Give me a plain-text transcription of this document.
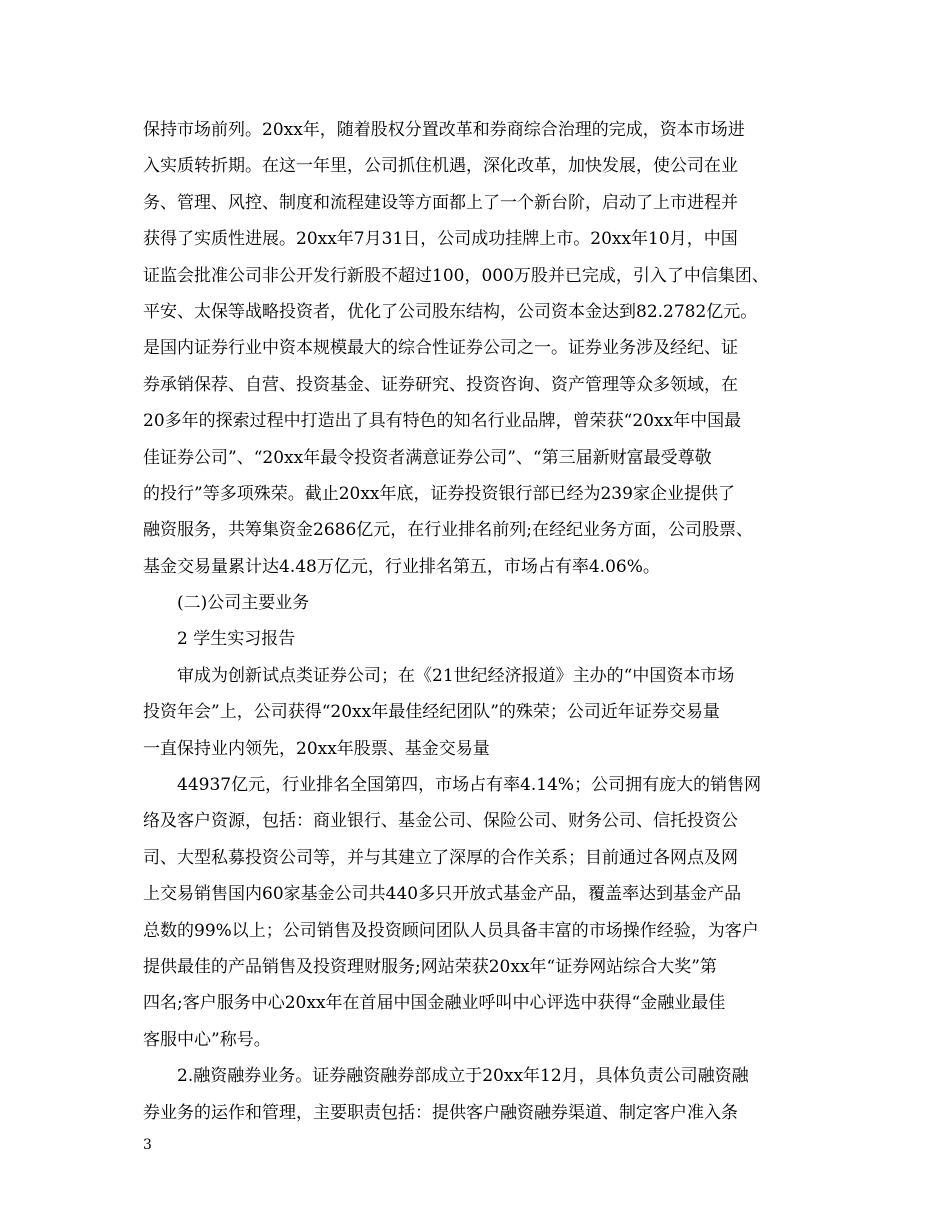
保持市场前列。20xx年，随着股权分置改革和券商综合治理的完成，资本市场进
入实质转折期。在这一年里，公司抓住机遇，深化改革，加快发展，使公司在业
务、管理、风控、制度和流程建设等方面都上了一个新台阶，启动了上市进程并
获得了实质性进展。20xx年7月31日，公司成功挂牌上市。20xx年10月，中国
证监会批准公司非公开发行新股不超过100，000万股并已完成，引入了中信集团、
平安、太保等战略投资者，优化了公司股东结构，公司资本金达到82.2782亿元。
是国内证券行业中资本规模最大的综合性证券公司之一。证券业务涉及经纪、证
券承销保荐、自营、投资基金、证券研究、投资咨询、资产管理等众多领域，在
20多年的探索过程中打造出了具有特色的知名行业品牌，曾荣获“20xx年中国最
佳证券公司”、“20xx年最令投资者满意证券公司”、“第三届新财富最受尊敬
的投行”等多项殊荣。截止20xx年底，证券投资银行部已经为239家企业提供了
融资服务，共筹集资金2686亿元，在行业排名前列;在经纪业务方面，公司股票、
基金交易量累计达4.48万亿元，行业排名第五，市场占有率4.06%。
(二)公司主要业务
2 学生实习报告
审成为创新试点类证券公司；在《21世纪经济报道》主办的“中国资本市场
投资年会”上，公司获得“20xx年最佳经纪团队”的殊荣；公司近年证券交易量
一直保持业内领先，20xx年股票、基金交易量
44937亿元，行业排名全国第四，市场占有率4.14%；公司拥有庞大的销售网
络及客户资源，包括：商业银行、基金公司、保险公司、财务公司、信托投资公
司、大型私募投资公司等，并与其建立了深厚的合作关系；目前通过各网点及网
上交易销售国内60家基金公司共440多只开放式基金产品，覆盖率达到基金产品
总数的99%以上；公司销售及投资顾问团队人员具备丰富的市场操作经验，为客户
提供最佳的产品销售及投资理财服务;网站荣获20xx年“证券网站综合大奖”第
四名;客户服务中心20xx年在首届中国金融业呼叫中心评选中获得“金融业最佳
客服中心”称号。
2.融资融券业务。证券融资融券部成立于20xx年12月，具体负责公司融资融
券业务的运作和管理，主要职责包括：提供客户融资融券渠道、制定客户准入条
3
